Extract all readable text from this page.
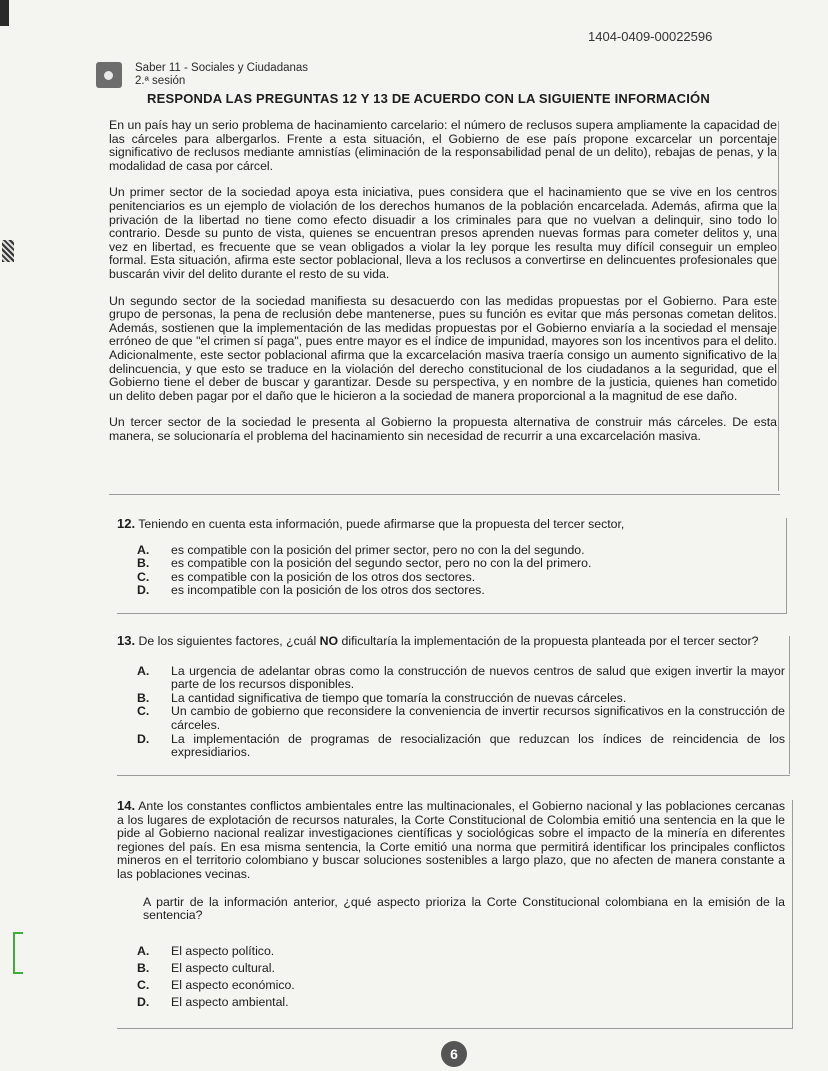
1404-0409-00022596
Saber 11 - Sociales y Ciudadanas
2.ª sesión
RESPONDA LAS PREGUNTAS 12 Y 13 DE ACUERDO CON LA SIGUIENTE INFORMACIÓN

En un país hay un serio problema de hacinamiento carcelario: el número de reclusos supera ampliamente la capacidad de las cárceles para albergarlos. Frente a esta situación, el Gobierno de ese país propone excarcelar un porcentaje significativo de reclusos mediante amnistías (eliminación de la responsabilidad penal de un delito), rebajas de penas, y la modalidad de casa por cárcel.

Un primer sector de la sociedad apoya esta iniciativa, pues considera que el hacinamiento que se vive en los centros penitenciarios es un ejemplo de violación de los derechos humanos de la población encarcelada. Además, afirma que la privación de la libertad no tiene como efecto disuadir a los criminales para que no vuelvan a delinquir, sino todo lo contrario. Desde su punto de vista, quienes se encuentran presos aprenden nuevas formas para cometer delitos y, una vez en libertad, es frecuente que se vean obligados a violar la ley porque les resulta muy difícil conseguir un empleo formal. Esta situación, afirma este sector poblacional, lleva a los reclusos a convertirse en delincuentes profesionales que buscarán vivir del delito durante el resto de su vida.

Un segundo sector de la sociedad manifiesta su desacuerdo con las medidas propuestas por el Gobierno. Para este grupo de personas, la pena de reclusión debe mantenerse, pues su función es evitar que más personas cometan delitos. Además, sostienen que la implementación de las medidas propuestas por el Gobierno enviaría a la sociedad el mensaje erróneo de que "el crimen sí paga", pues entre mayor es el índice de impunidad, mayores son los incentivos para el delito. Adicionalmente, este sector poblacional afirma que la excarcelación masiva traería consigo un aumento significativo de la delincuencia, y que esto se traduce en la violación del derecho constitucional de los ciudadanos a la seguridad, que el Gobierno tiene el deber de buscar y garantizar. Desde su perspectiva, y en nombre de la justicia, quienes han cometido un delito deben pagar por el daño que le hicieron a la sociedad de manera proporcional a la magnitud de ese daño.

Un tercer sector de la sociedad le presenta al Gobierno la propuesta alternativa de construir más cárceles. De esta manera, se solucionaría el problema del hacinamiento sin necesidad de recurrir a una excarcelación masiva.

12. Teniendo en cuenta esta información, puede afirmarse que la propuesta del tercer sector,
A.	es compatible con la posición del primer sector, pero no con la del segundo.
B.	es compatible con la posición del segundo sector, pero no con la del primero.
C.	es compatible con la posición de los otros dos sectores.
D.	es incompatible con la posición de los otros dos sectores.
13. De los siguientes factores, ¿cuál NO dificultaría la implementación de la propuesta planteada por el tercer sector?
A.	La urgencia de adelantar obras como la construcción de nuevos centros de salud que exigen invertir la mayor parte de los recursos disponibles.
B.	La cantidad significativa de tiempo que tomaría la construcción de nuevas cárceles.
C.	Un cambio de gobierno que reconsidere la conveniencia de invertir recursos significativos en la construcción de cárceles.
D.	La implementación de programas de resocialización que reduzcan los índices de reincidencia de los expresidiarios.
14. Ante los constantes conflictos ambientales entre las multinacionales, el Gobierno nacional y las poblaciones cercanas a los lugares de explotación de recursos naturales, la Corte Constitucional de Colombia emitió una sentencia en la que le pide al Gobierno nacional realizar investigaciones científicas y sociológicas sobre el impacto de la minería en diferentes regiones del país. En esa misma sentencia, la Corte emitió una norma que permitirá identificar los principales conflictos mineros en el territorio colombiano y buscar soluciones sostenibles a largo plazo, que no afecten de manera constante a las poblaciones vecinas.
A partir de la información anterior, ¿qué aspecto prioriza la Corte Constitucional colombiana en la emisión de la sentencia?
A.	El aspecto político.
B.	El aspecto cultural.
C.	El aspecto económico.
D.	El aspecto ambiental.
6
